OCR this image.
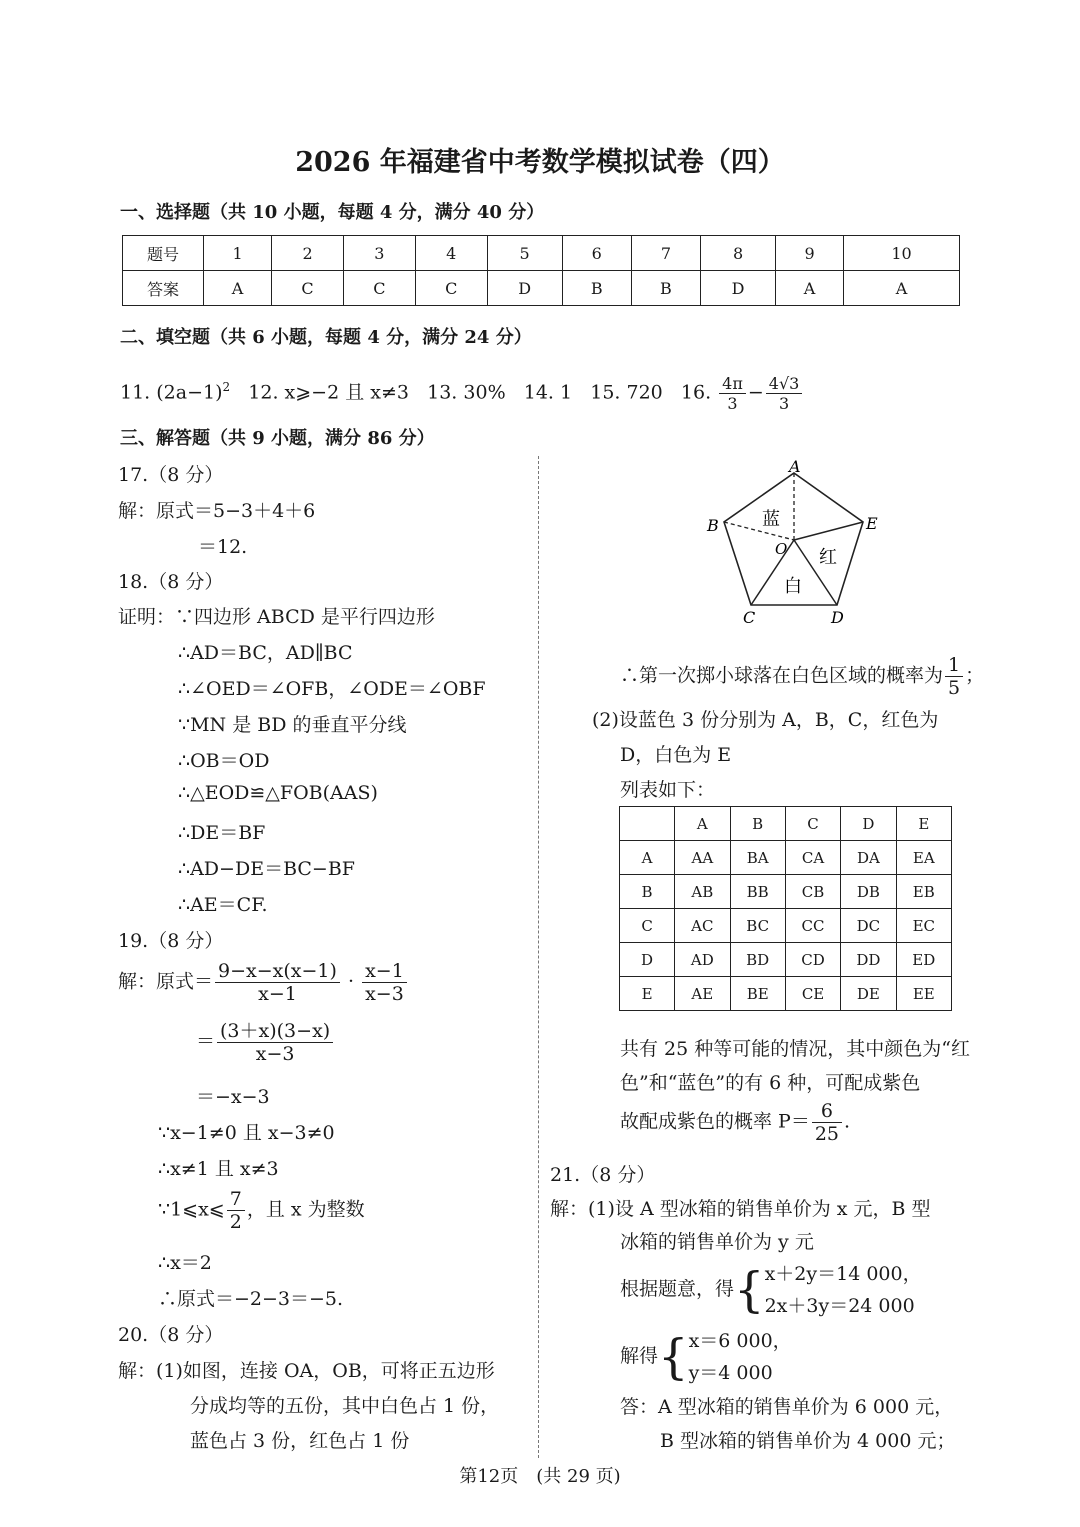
2026 年福建省中考数学模拟试卷（四）
一、选择题（共 10 小题，每题 4 分，满分 40 分）
题号	1	2	3	4	5	6	7	8	9	10
答案	A	C	C	C	D	B	B	D	A	A
二、填空题（共 6 小题，每题 4 分，满分 24 分）
11. $(2a-1)^2$ 12. x⩾−2 且 x≠3 13. 30% 14. 1 15. 720 16. $\frac{4\pi}{3} - \frac{4√3}{3}$
三、解答题（共 9 小题，满分 86 分）
17.（8 分）
解：原式＝5−3＋4＋6
＝12.
18.（8 分）
证明：∵四边形 ABCD 是平行四边形
∴AD＝BC，AD∥BC
∴∠OED＝∠OFB，∠ODE＝∠OBF
∵MN 是 BD 的垂直平分线
∴OB＝OD
∴△EOD≌△FOB(AAS)
∴DE＝BF
∴AD−DE＝BC−BF
∴AE＝CF.
19.（8 分）
解：原式＝ $\frac{9-x-x(x-1)}{x-1} \cdot \frac{x-1}{x-3}$
＝ $\frac{(3+x)(3-x)}{x-3}$
＝−x−3
∵x−1≠0 且 x−3≠0
∴x≠1 且 x≠3
∵1⩽x⩽ $\frac{7}{2}$ ，且 x 为整数
∴x＝2
∴原式＝−2−3＝−5.
20.（8 分）
解：(1)如图，连接 OA，OB，可将正五边形
分成均等的五份，其中白色占 1 份，
蓝色占 3 份，红色占 1 份
A
B
C	D
E
O
蓝
红
白
∴第一次掷小球落在白色区域的概率为 $\frac{1}{5}$ ；
(2)设蓝色 3 份分别为 A，B，C，红色为
D，白色为 E
列表如下：
	A	B	C	D	E
A	AA	BA	CA	DA	EA
B	AB	BB	CB	DB	EB
C	AC	BC	CC	DC	EC
D	AD	BD	CD	DD	ED
E	AE	BE	CE	DE	EE
共有 25 种等可能的情况，其中颜色为“红
色”和“蓝色”的有 6 种，可配成紫色
故配成紫色的概率 $P= \frac{6}{25}$ .
21.（8 分）
解：(1)设 A 型冰箱的销售单价为 x 元，B 型
冰箱的销售单价为 y 元
根据题意，得{ x＋2y＝14 000，
2x＋3y＝24 000
解得{ x＝6 000，
y＝4 000
答：A 型冰箱的销售单价为 6 000 元，
B 型冰箱的销售单价为 4 000 元；
第12页　(共 29 页)
